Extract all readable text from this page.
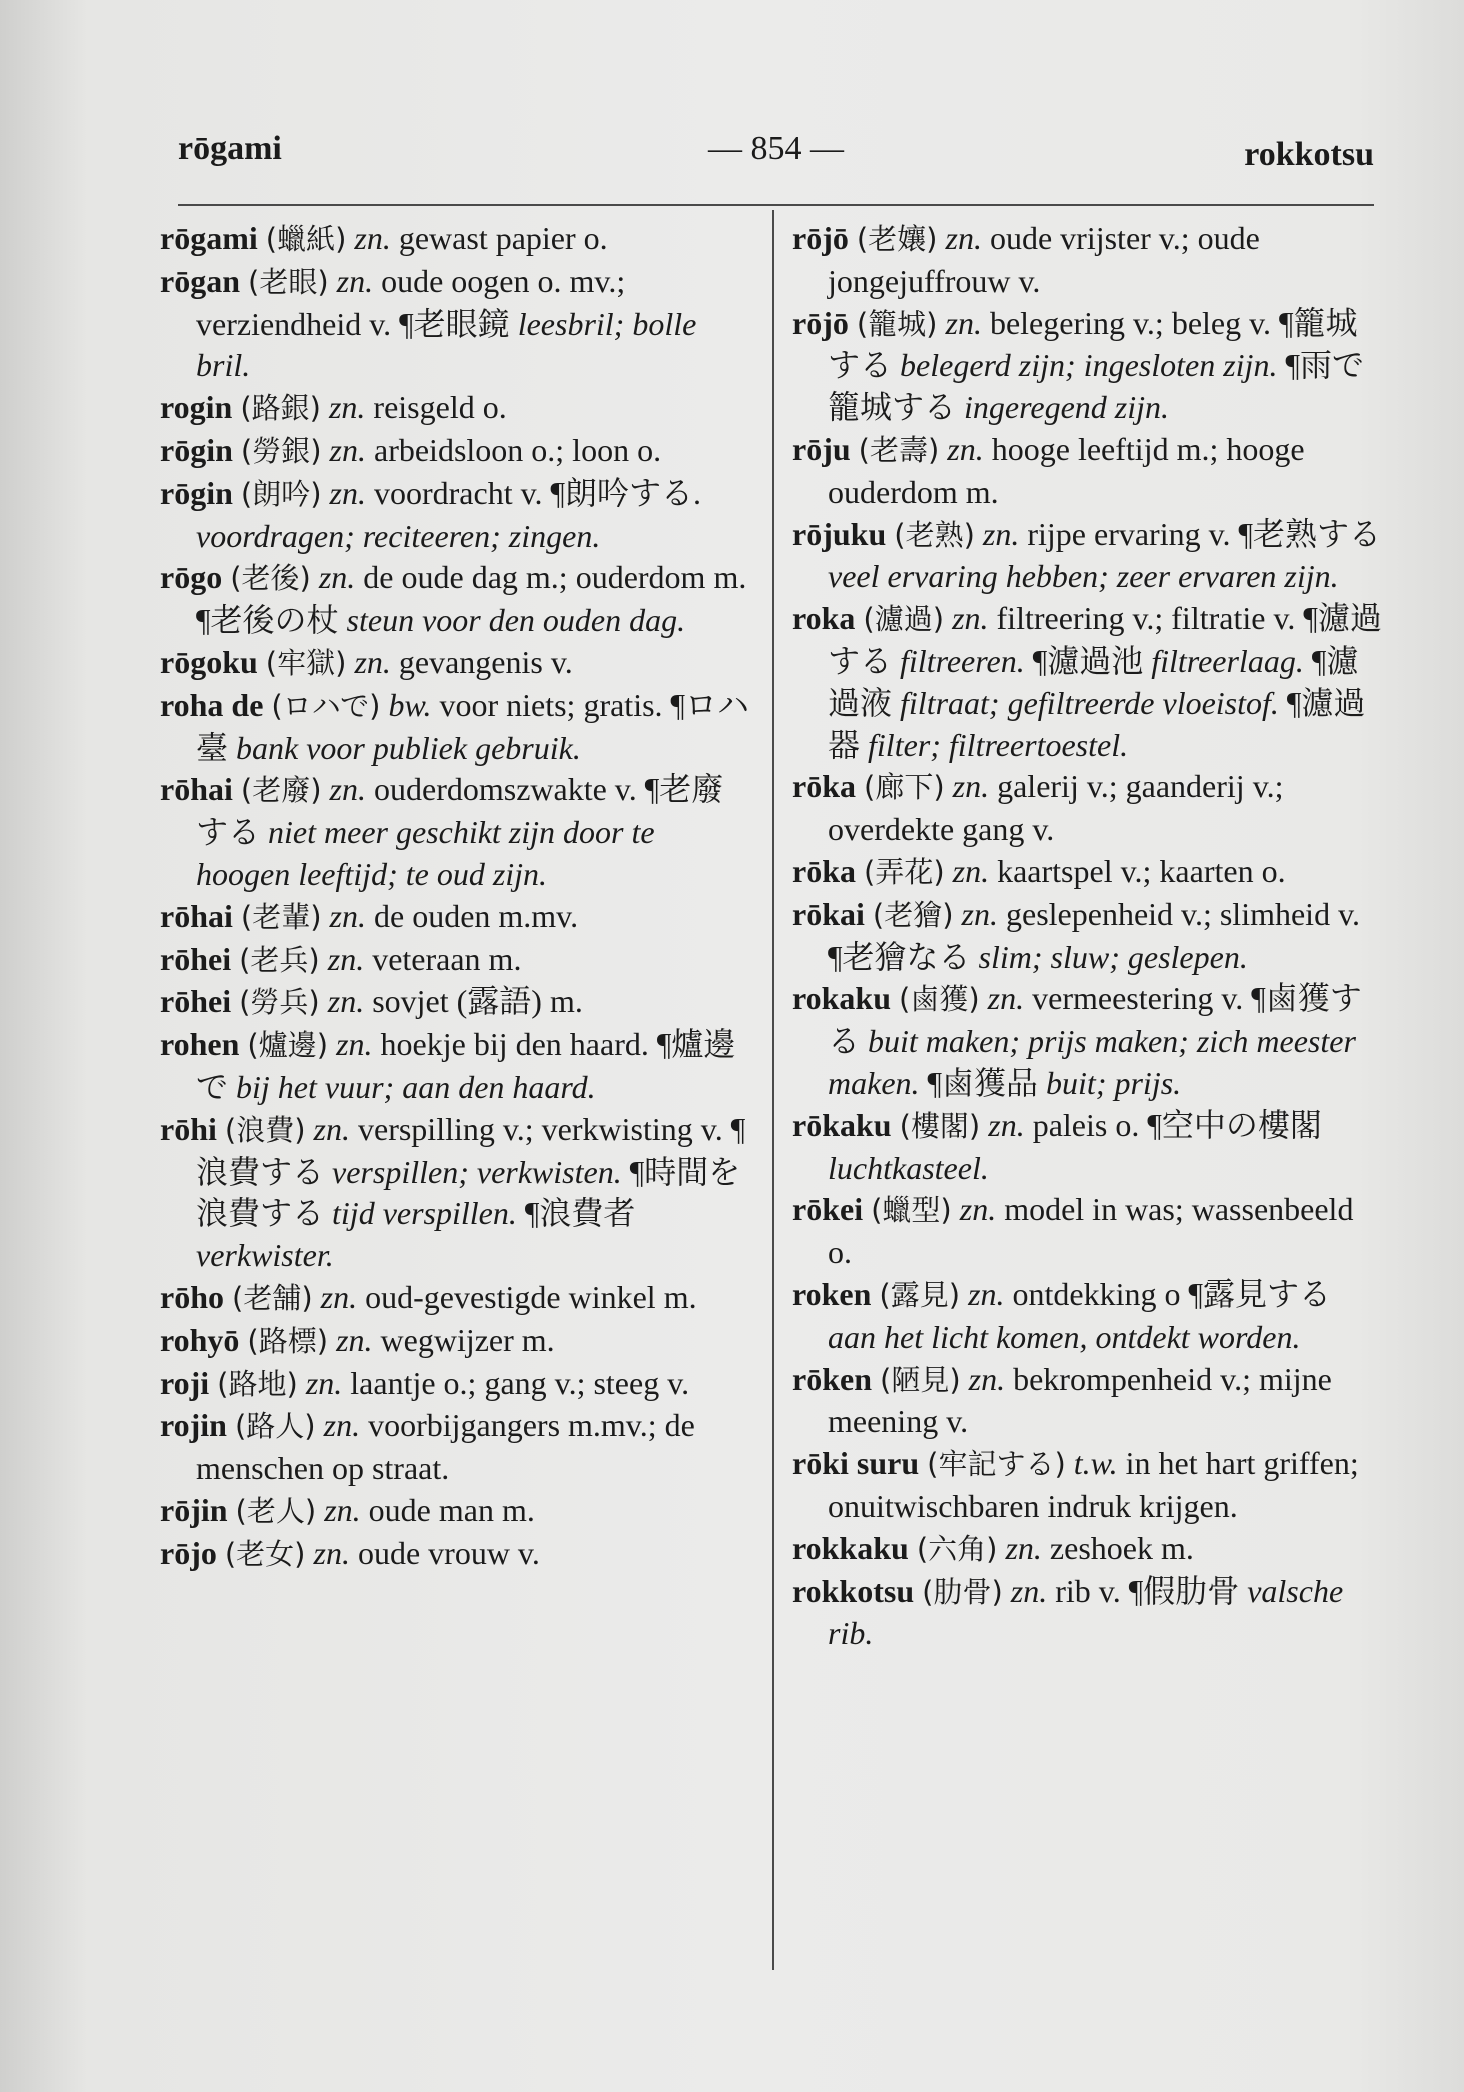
rōgami	— 854 —	rokkotsu
rōgami (蠟紙) zn. gewast papier o.
rōgan (老眼) zn. oude oogen o. mv.; verziendheid v. ¶老眼鏡 leesbril; bolle bril.
rogin (路銀) zn. reisgeld o.
rōgin (勞銀) zn. arbeidsloon o.; loon o.
rōgin (朗吟) zn. voordracht v. ¶朗吟する. voordragen; reciteeren; zingen.
rōgo (老後) zn. de oude dag m.; ouderdom m. ¶老後の杖 steun voor den ouden dag.
rōgoku (牢獄) zn. gevangenis v.
roha de (ロハで) bw. voor niets; gratis. ¶ロハ臺 bank voor publiek gebruik.
rōhai (老廢) zn. ouderdomszwakte v. ¶老廢する niet meer geschikt zijn door te hoogen leeftijd; te oud zijn.
rōhai (老輩) zn. de ouden m.mv.
rōhei (老兵) zn. veteraan m.
rōhei (勞兵) zn. sovjet (露語) m.
rohen (爐邊) zn. hoekje bij den haard. ¶爐邊で bij het vuur; aan den haard.
rōhi (浪費) zn. verspilling v.; verkwisting v. ¶浪費する verspillen; verkwisten. ¶時間を浪費する tijd verspillen. ¶浪費者 verkwister.
rōho (老舗) zn. oud-gevestigde winkel m.
rohyō (路標) zn. wegwijzer m.
roji (路地) zn. laantje o.; gang v.; steeg v.
rojin (路人) zn. voorbijgangers m.mv.; de menschen op straat.
rōjin (老人) zn. oude man m.
rōjo (老女) zn. oude vrouw v.
rōjō (老孃) zn. oude vrijster v.; oude jongejuffrouw v.
rōjō (籠城) zn. belegering v.; beleg v. ¶籠城する belegerd zijn; ingesloten zijn. ¶雨で籠城する ingeregend zijn.
rōju (老壽) zn. hooge leeftijd m.; hooge ouderdom m.
rōjuku (老熟) zn. rijpe ervaring v. ¶老熟する veel ervaring hebben; zeer ervaren zijn.
roka (濾過) zn. filtreering v.; filtratie v. ¶濾過する filtreeren. ¶濾過池 filtreerlaag. ¶濾過液 filtraat; gefiltreerde vloeistof. ¶濾過器 filter; filtreertoestel.
rōka (廊下) zn. galerij v.; gaanderij v.; overdekte gang v.
rōka (弄花) zn. kaartspel v.; kaarten o.
rōkai (老獪) zn. geslepenheid v.; slimheid v. ¶老獪なる slim; sluw; geslepen.
rokaku (鹵獲) zn. vermeestering v. ¶鹵獲する buit maken; prijs maken; zich meester maken. ¶鹵獲品 buit; prijs.
rōkaku (樓閣) zn. paleis o. ¶空中の樓閣 luchtkasteel.
rōkei (蠟型) zn. model in was; wassenbeeld o.
roken (露見) zn. ontdekking o ¶露見する aan het licht komen, ontdekt worden.
rōken (陋見) zn. bekrompenheid v.; mijne meening v.
rōki suru (牢記する) t.w. in het hart griffen; onuitwischbaren indruk krijgen.
rokkaku (六角) zn. zeshoek m.
rokkotsu (肋骨) zn. rib v. ¶假肋骨 valsche rib.
